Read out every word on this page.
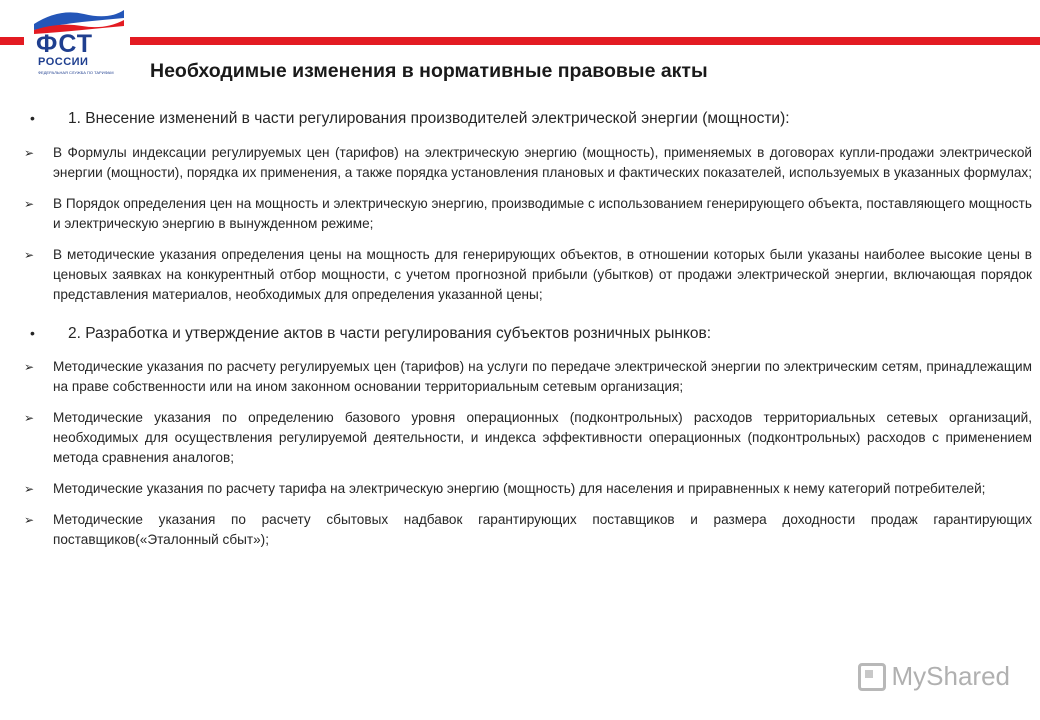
ФСТ
РОССИИ
ФЕДЕРАЛЬНАЯ СЛУЖБА ПО ТАРИФАМ Необходимые изменения в нормативные правовые акты
• 1. Внесение изменений в части регулирования производителей электрической энергии (мощности):
➢ В Формулы индексации регулируемых цен (тарифов) на электрическую энергию (мощность), применяемых в договорах купли-продажи электрической энергии (мощности), порядка их применения, а также порядка установления плановых и фактических показателей, используемых в указанных формулах;
➢ В Порядок определения цен на мощность и электрическую энергию, производимые с использованием генерирующего объекта, поставляющего мощность и электрическую энергию в вынужденном режиме;
➢ В методические указания определения цены на мощность для генерирующих объектов, в отношении которых были указаны наиболее высокие цены в ценовых заявках на конкурентный отбор мощности, с учетом прогнозной прибыли (убытков) от продажи электрической энергии, включающая порядок представления материалов, необходимых для определения указанной цены;
• 2. Разработка и утверждение актов в части регулирования субъектов розничных рынков:
➢ Методические указания по расчету регулируемых цен (тарифов) на услуги по передаче электрической энергии по электрическим сетям, принадлежащим на праве собственности или на ином законном основании территориальным сетевым организация;
➢ Методические указания по определению базового уровня операционных (подконтрольных) расходов территориальных сетевых организаций, необходимых для осуществления регулируемой деятельности, и индекса эффективности операционных (подконтрольных) расходов с применением метода сравнения аналогов;
➢ Методические указания по расчету тарифа на электрическую энергию (мощность) для населения и приравненных к нему категорий потребителей;
➢ Методические указания по расчету сбытовых надбавок гарантирующих поставщиков и размера доходности продаж гарантирующих поставщиков(«Эталонный сбыт»);
MyShared
